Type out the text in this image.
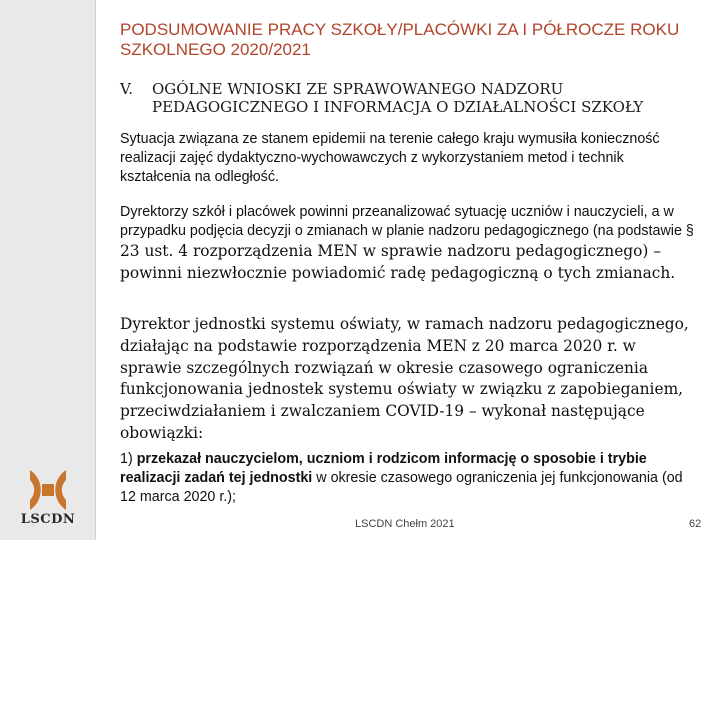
PODSUMOWANIE PRACY SZKOŁY/PLACÓWKI ZA I PÓŁROCZE ROKU SZKOLNEGO 2020/2021
V.	OGÓLNE WNIOSKI ZE SPRAWOWANEGO NADZORU PEDAGOGICZNEGO I INFORMACJA O DZIAŁALNOŚCI SZKOŁY

Sytuacja związana ze stanem epidemii na terenie całego kraju wymusiła konieczność realizacji zajęć dydaktyczno-wychowawczych z wykorzystaniem metod i technik kształcenia na odległość.

Dyrektorzy szkół i placówek powinni przeanalizować sytuację uczniów i nauczycieli, a w przypadku podjęcia decyzji o zmianach w planie nadzoru pedagogicznego (na podstawie § 23 ust. 4 rozporządzenia MEN w sprawie nadzoru pedagogicznego) – powinni niezwłocznie powiadomić radę pedagogiczną o tych zmianach.

Dyrektor jednostki systemu oświaty, w ramach nadzoru pedagogicznego, działając na podstawie rozporządzenia MEN z 20 marca 2020 r. w sprawie szczególnych rozwiązań w okresie czasowego ograniczenia funkcjonowania jednostek systemu oświaty w związku z zapobieganiem, przeciwdziałaniem i zwalczaniem COVID-19 – wykonał następujące obowiązki:

1) przekazał nauczycielom, uczniom i rodzicom informację o sposobie i trybie realizacji zadań tej jednostki w okresie czasowego ograniczenia jej funkcjonowania (od 12 marca 2020 r.);

LSCDN	LSCDN Chełm 2021	62
